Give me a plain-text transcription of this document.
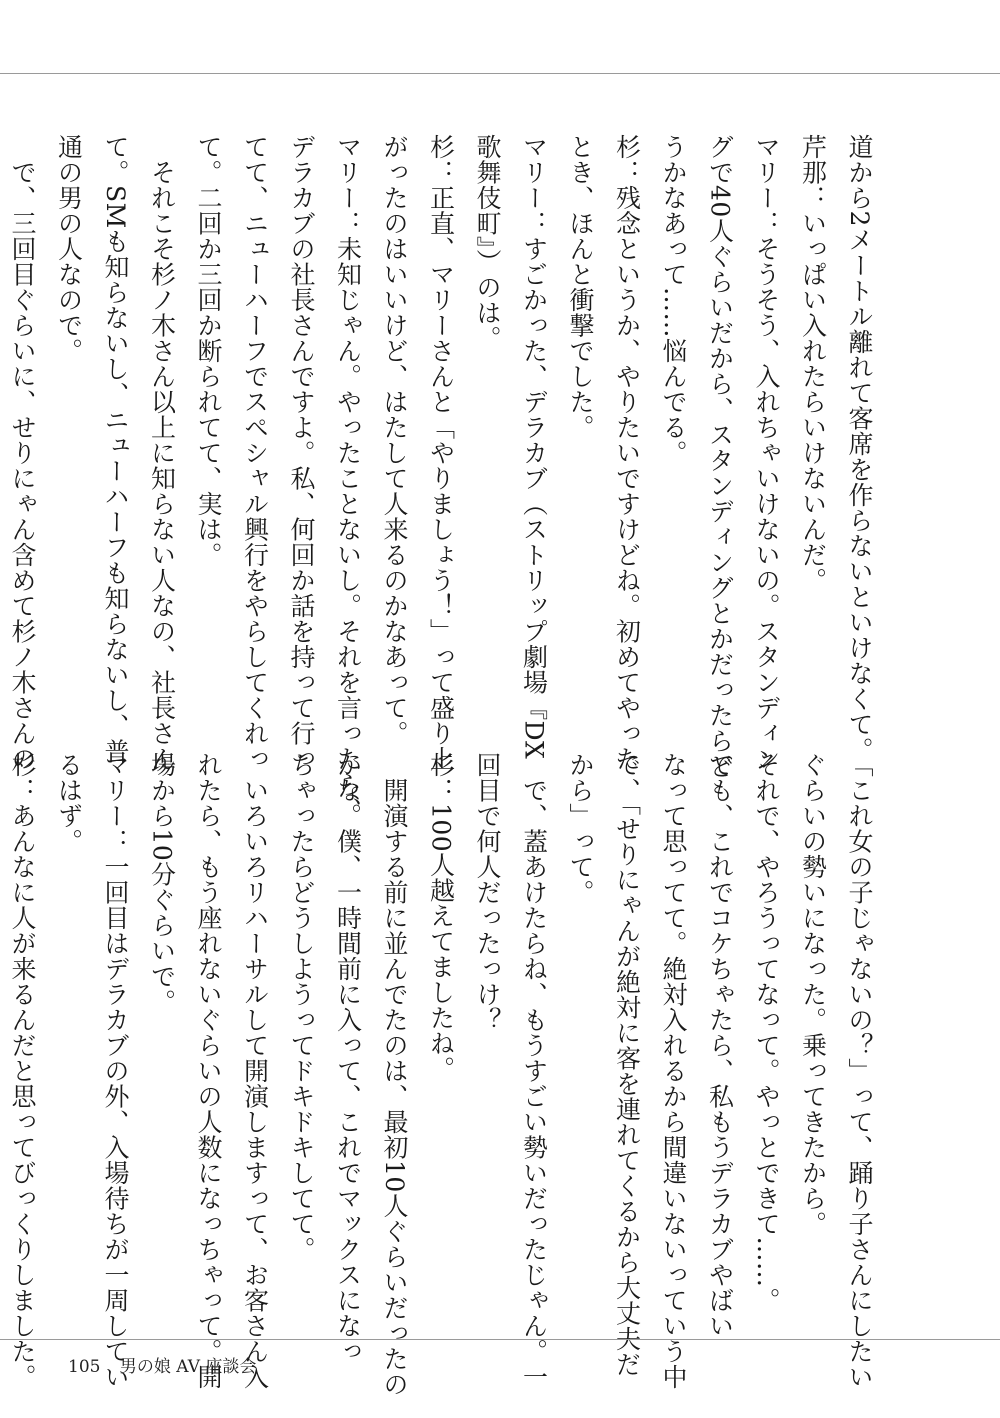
道から2メートル離れて客席を作らないといけなくて。
芹那：いっぱい入れたらいけないんだ。
マリー：そうそう、入れちゃいけないの。スタンディン
グで40人ぐらいだから、スタンディングとかだったらど
うかなあって……悩んでる。
杉：残念というか、やりたいですけどね。初めてやった
とき、ほんと衝撃でした。
マリー：すごかった、デラカブ（ストリップ劇場『DX
歌舞伎町』）のは。
杉：正直、マリーさんと「やりましょう！」って盛り上
がったのはいいけど、はたして人来るのかなあって。
マリー：未知じゃん。やったことないし。それを言ったら、
デラカブの社長さんですよ。私、何回か話を持って行っ
てて、ニューハーフでスペシャル興行をやらしてくれっ
て。二回か三回か断られてて、実は。
　それこそ杉ノ木さん以上に知らない人なの、社長さん
て。SMも知らないし、ニューハーフも知らないし、普
通の男の人なので。
　で、三回目ぐらいに、せりにゃん含めて杉ノ木さんの
「これ女の子じゃないの？」って、踊り子さんにしたい
ぐらいの勢いになった。乗ってきたから。
それで、やろうってなって。やっとできて……。
でも、これでコケちゃたら、私もうデラカブやばい
なって思ってて。絶対入れるから間違いないっていう中
で、「せりにゃんが絶対に客を連れてくるから大丈夫だ
から」って。
　で、蓋あけたらね、もうすごい勢いだったじゃん。一
回目で何人だったっけ？
杉：100人越えてましたね。
　開演する前に並んでたのは、最初10人ぐらいだったの
かな。僕、一時間前に入って、これでマックスになっ
ちゃったらどうしようってドキドキしてて。
　いろいろリハーサルして開演しますって、お客さん入
れたら、もう座れないぐらいの人数になっちゃって。開
場から10分ぐらいで。
マリー：一回目はデラカブの外、入場待ちが一周してい
るはず。
杉：あんなに人が来るんだと思ってびっくりしました。	105 男の娘 AV 座談会
